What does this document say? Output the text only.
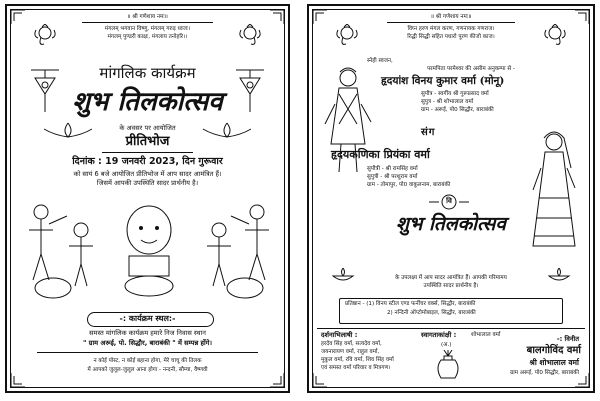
॥ श्री गणेशाय नमः॥
मंगलम् भगवान विष्णु, मंगलम् गरुड़ ध्वजः।
मंगलम् पुण्डरी काक्षः, मंगलाय तनोहरि।।
मांगलिक कार्यक्रम
शुभ तिलकोत्सव
के अवसर पर आयोजित
प्रीतिभोज
दिनांक : 19 जनवरी 2023, दिन गुरूवार
को सायं 6 बजे आयोजित प्रीतिभोज में आप सादर आमंत्रित हैं।
जिसमें आपकी उपस्थिति सादर प्रार्थनीय है।
-: कार्यक्रम स्थल:-
समस्त मांगलिक कार्यक्रम हमारे निज निवास स्थान
" ग्राम अरूई, पो. सिद्धौर, बाराबंकी " में सम्पन्न होंगे।
न कोई पोस्ट, न कोई बहाना होगा, मेरे चाचू की तिलक
में आपको जुलूल-जुलूल आना होगा - नन्दनी, सौम्या, वैष्णवी
॥ श्री गणेशाय नमः॥
विघ्न हरण मंगल करण, गणनायक गणराज।
रिद्धी सिद्धी सहित पधारो पूरण कीजो काज।
स्नेही स्वजन,
परमपिता परमेश्वर की असीम अनुकम्पा से -
हृदयांश विनय कुमार वर्मा (मोनू)
सुपौत्र - स्वर्गीय श्री गुरूप्रसाद वर्मा
सुपुत्र - श्री शोभालाल वर्मा
ग्राम - अरूई, पो0 सिद्धौर, बाराबंकी
संग
हृदयकणिका प्रियंका वर्मा
सुपौत्री - श्री रामसिंह वर्मा
सुपुत्री - श्री परशुराम वर्मा
ग्राम - तोमापुर, पो0 वाकुलनाम, बाराबंकी
वि
शुभ तिलकोत्सव
के उपलक्ष्य में आप सादर आमंत्रित हैं। आपकी गरिमामय
उपस्थिति सादर प्रार्थनीय है।
प्रतिष्ठान - (1) विनय स्टील एण्ड फर्नीचर वर्क्स, सिद्धौर, बाराबंकी
2) नन्दिनी ऑप्टोमोबाइल, सिद्धौर, बाराबंकी
दर्शनाभिलाषी :
हरदेव सिंह वर्मा, सत्यदेव वर्मा,
जयनारायण वर्मा, राहुल वर्मा,
मुकुल वर्मा, रवि वर्मा, शिव सिंह वर्मा
एवं समस्त वर्मा परिवार व मित्रगण।
स्वागताकांक्षी :	शोभालाल वर्मा
(अ.)
-: विनीत
बालगोविंद वर्मा
श्री शोभालाल वर्मा
ग्राम अरूई, पो0 सिद्धौर, बाराबंकी
